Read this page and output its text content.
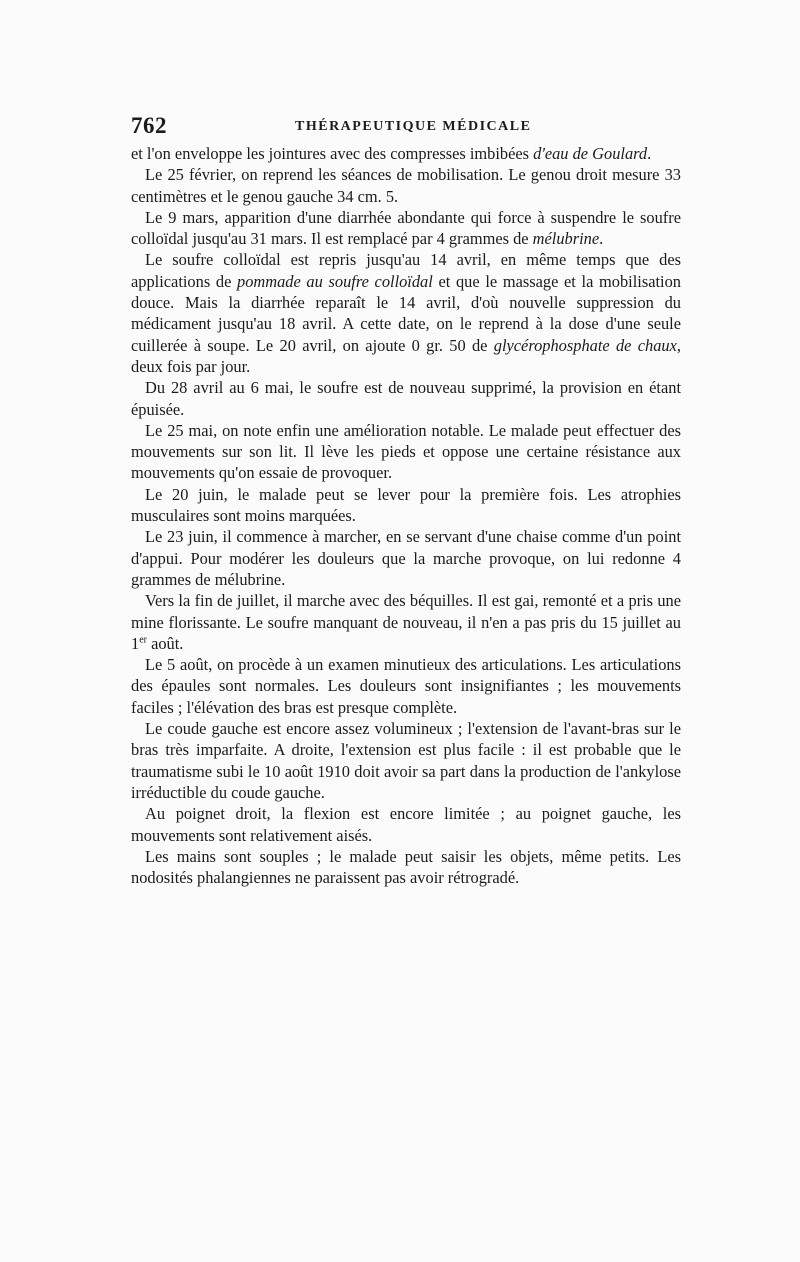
762	THÉRAPEUTIQUE MÉDICALE

et l'on enveloppe les jointures avec des compresses imbibées d'eau de Goulard.

Le 25 février, on reprend les séances de mobilisation. Le genou droit mesure 33 centimètres et le genou gauche 34 cm. 5.

Le 9 mars, apparition d'une diarrhée abondante qui force à suspendre le soufre colloïdal jusqu'au 31 mars. Il est remplacé par 4 grammes de mélubrine.

Le soufre colloïdal est repris jusqu'au 14 avril, en même temps que des applications de pommade au soufre colloïdal et que le massage et la mobilisation douce. Mais la diarrhée reparaît le 14 avril, d'où nouvelle suppression du médicament jusqu'au 18 avril. A cette date, on le reprend à la dose d'une seule cuillerée à soupe. Le 20 avril, on ajoute 0 gr. 50 de glycérophosphate de chaux, deux fois par jour.

Du 28 avril au 6 mai, le soufre est de nouveau supprimé, la provision en étant épuisée.

Le 25 mai, on note enfin une amélioration notable. Le malade peut effectuer des mouvements sur son lit. Il lève les pieds et oppose une certaine résistance aux mouvements qu'on essaie de provoquer.

Le 20 juin, le malade peut se lever pour la première fois. Les atrophies musculaires sont moins marquées.

Le 23 juin, il commence à marcher, en se servant d'une chaise comme d'un point d'appui. Pour modérer les douleurs que la marche provoque, on lui redonne 4 grammes de mélubrine.

Vers la fin de juillet, il marche avec des béquilles. Il est gai, remonté et a pris une mine florissante. Le soufre manquant de nouveau, il n'en a pas pris du 15 juillet au 1er août.

Le 5 août, on procède à un examen minutieux des articulations. Les articulations des épaules sont normales. Les douleurs sont insignifiantes ; les mouvements faciles ; l'élévation des bras est presque complète.

Le coude gauche est encore assez volumineux ; l'extension de l'avant-bras sur le bras très imparfaite. A droite, l'extension est plus facile : il est probable que le traumatisme subi le 10 août 1910 doit avoir sa part dans la production de l'ankylose irréductible du coude gauche.

Au poignet droit, la flexion est encore limitée ; au poignet gauche, les mouvements sont relativement aisés.

Les mains sont souples ; le malade peut saisir les objets, même petits. Les nodosités phalangiennes ne paraissent pas avoir rétrogradé.
